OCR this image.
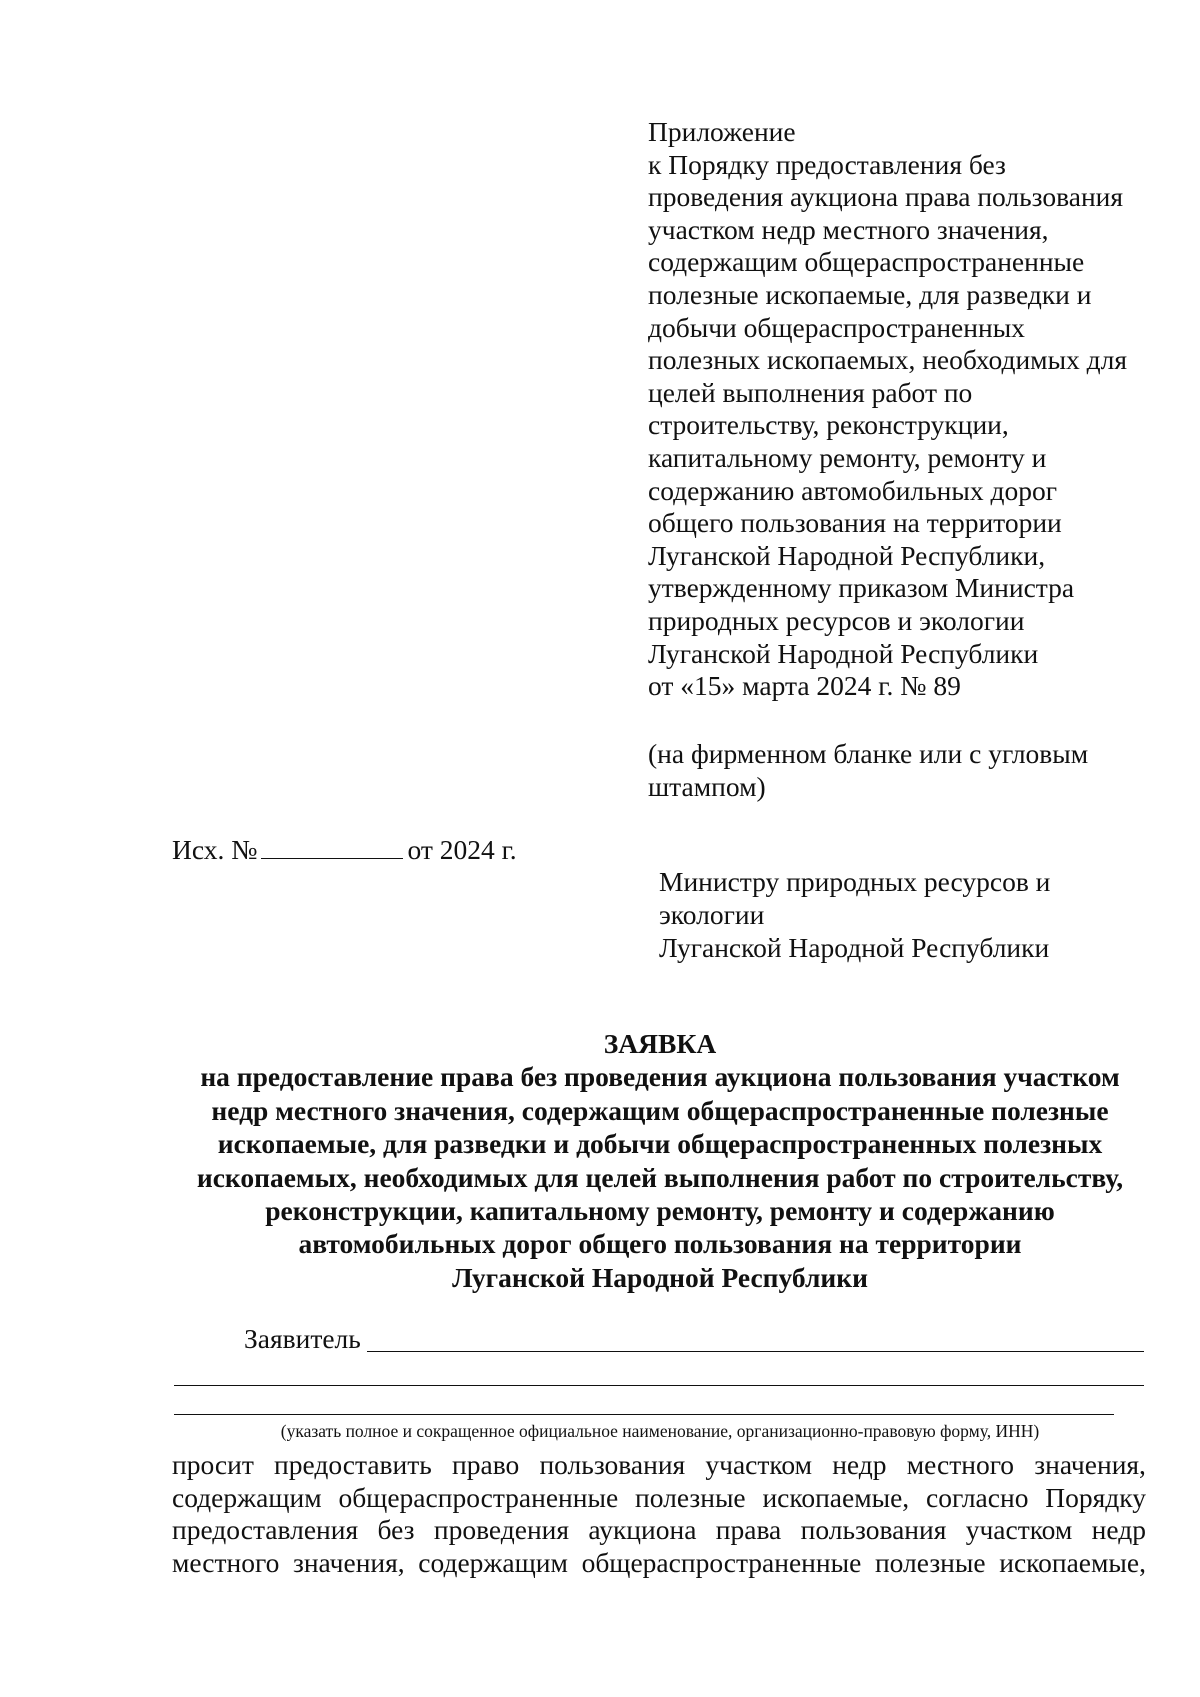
Приложение
к Порядку предоставления без
проведения аукциона права пользования
участком недр местного значения,
содержащим общераспространенные
полезные ископаемые, для разведки и
добычи общераспространенных
полезных ископаемых, необходимых для
целей выполнения работ по
строительству, реконструкции,
капитальному ремонту, ремонту и
содержанию автомобильных дорог
общего пользования на территории
Луганской Народной Республики,
утвержденному приказом Министра
природных ресурсов и экологии
Луганской Народной Республики
от «15» марта 2024 г. № 89
(на фирменном бланке или с угловым
штампом)
Исх. №	от 2024 г.
Министру природных ресурсов и
экологии
Луганской Народной Республики
ЗАЯВКА
на предоставление права без проведения аукциона пользования участком
недр местного значения, содержащим общераспространенные полезные
ископаемые, для разведки и добычи общераспространенных полезных
ископаемых, необходимых для целей выполнения работ по строительству,
реконструкции, капитальному ремонту, ремонту и содержанию
автомобильных дорог общего пользования на территории
Луганской Народной Республики
Заявитель
(указать полное и сокращенное официальное наименование, организационно-правовую форму, ИНН)
просит предоставить право пользования участком недр местного значения,
содержащим общераспространенные полезные ископаемые, согласно Порядку
предоставления без проведения аукциона права пользования участком недр
местного значения, содержащим общераспространенные полезные ископаемые,
